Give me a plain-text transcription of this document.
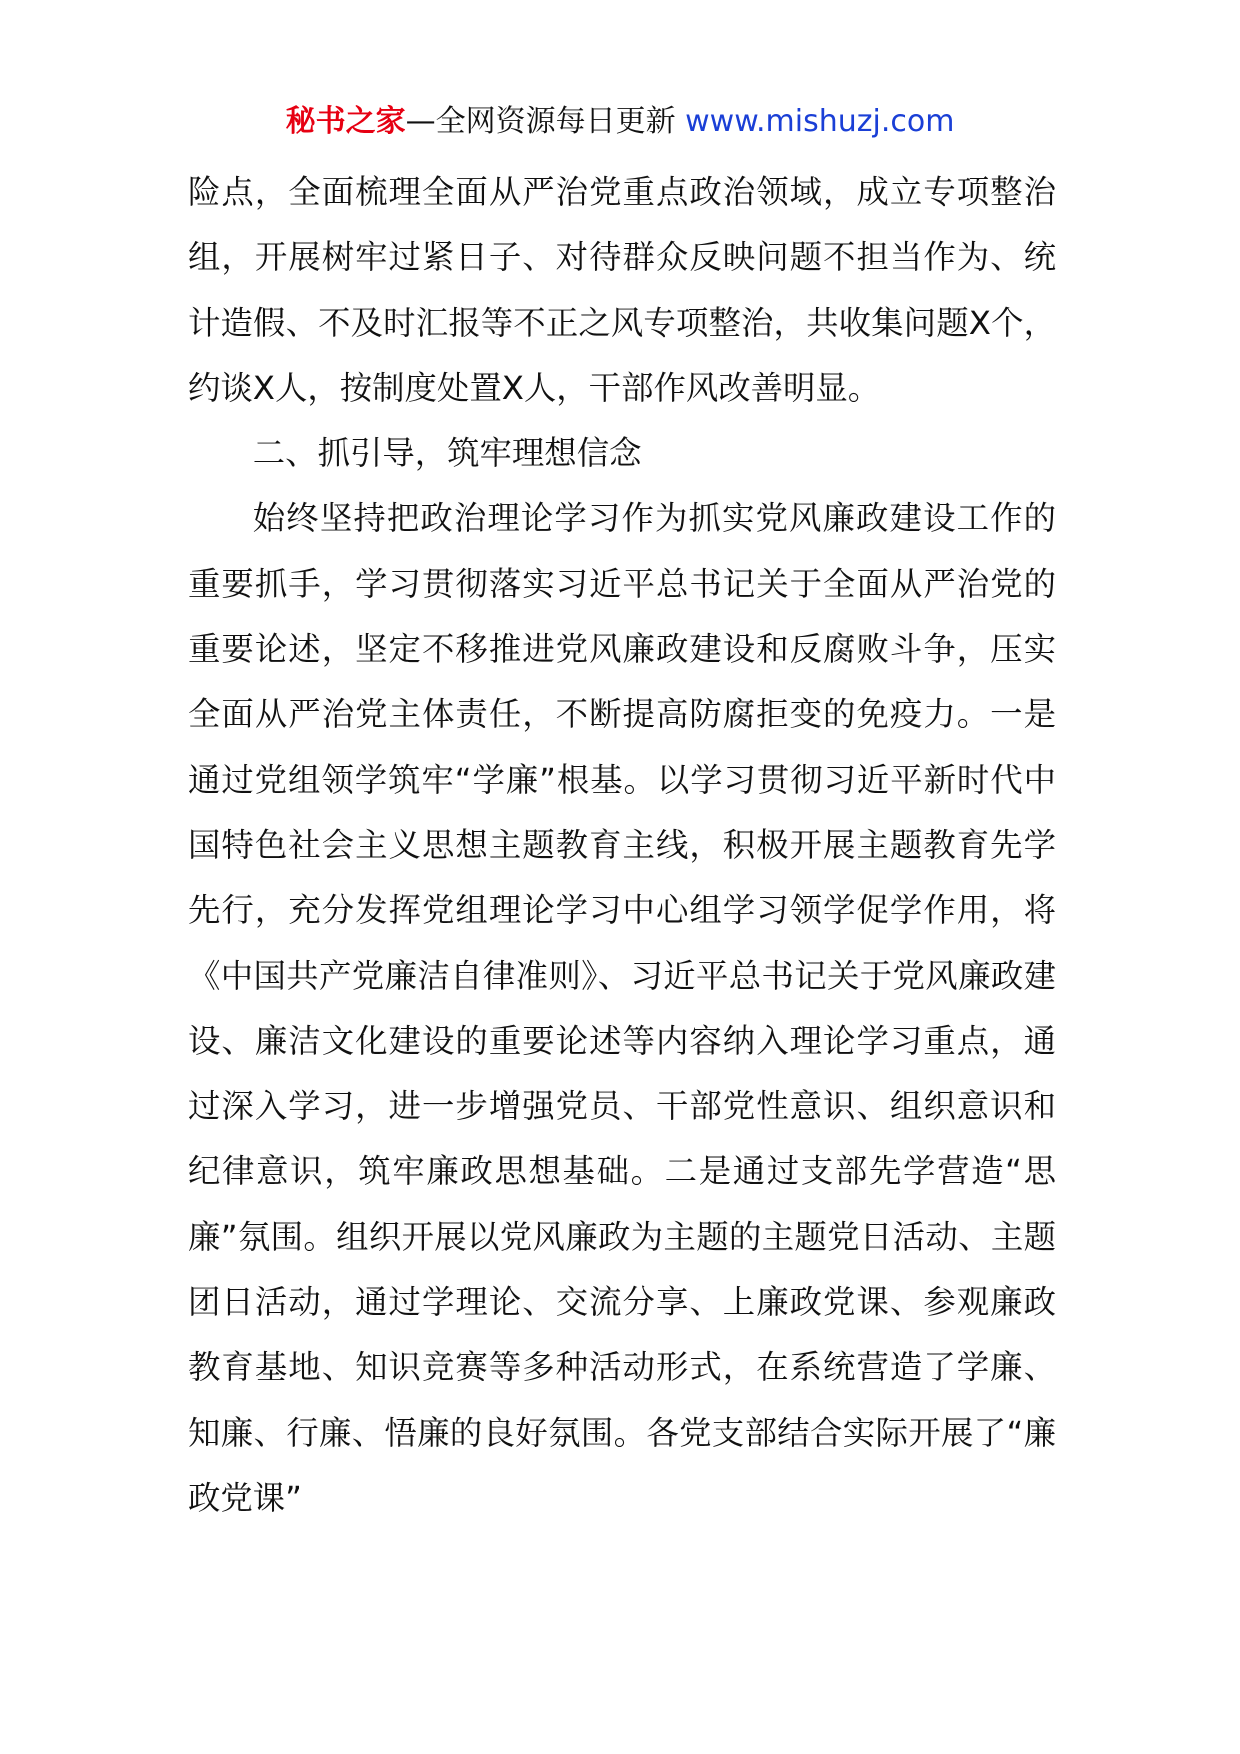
秘书之家—全网资源每日更新 www.mishuzj.com

险点，全面梳理全面从严治党重点政治领域，成立专项整治组，开展树牢过紧日子、对待群众反映问题不担当作为、统计造假、不及时汇报等不正之风专项整治，共收集问题X个，约谈X人，按制度处置X人，干部作风改善明显。

二、抓引导，筑牢理想信念

始终坚持把政治理论学习作为抓实党风廉政建设工作的重要抓手，学习贯彻落实习近平总书记关于全面从严治党的重要论述，坚定不移推进党风廉政建设和反腐败斗争，压实全面从严治党主体责任，不断提高防腐拒变的免疫力。一是通过党组领学筑牢“学廉”根基。以学习贯彻习近平新时代中国特色社会主义思想主题教育主线，积极开展主题教育先学先行，充分发挥党组理论学习中心组学习领学促学作用，将《中国共产党廉洁自律准则》、习近平总书记关于党风廉政建设、廉洁文化建设的重要论述等内容纳入理论学习重点，通过深入学习，进一步增强党员、干部党性意识、组织意识和纪律意识，筑牢廉政思想基础。二是通过支部先学营造“思廉”氛围。组织开展以党风廉政为主题的主题党日活动、主题团日活动，通过学理论、交流分享、上廉政党课、参观廉政教育基地、知识竞赛等多种活动形式，在系统营造了学廉、知廉、行廉、悟廉的良好氛围。各党支部结合实际开展了“廉政党课”
